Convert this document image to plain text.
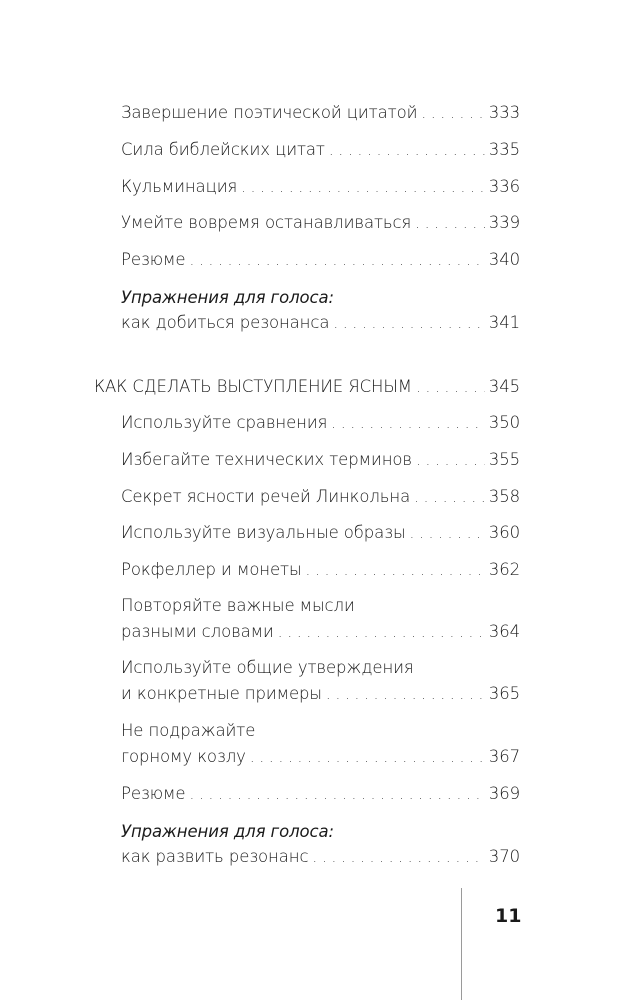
Завершение поэтической цитатой . . .	333
Сила библейских цитат . . .	335
Кульминация . . .	336
Умейте вовремя останавливаться . . .	339
Резюме . . .	340
Упражнения для голоса:
как добиться резонанса . . .	341
КАК СДЕЛАТЬ ВЫСТУПЛЕНИЕ ЯСНЫМ . . .	345
Используйте сравнения . . .	350
Избегайте технических терминов . . .	355
Секрет ясности речей Линкольна . . .	358
Используйте визуальные образы . . .	360
Рокфеллер и монеты . . .	362
Повторяйте важные мысли
разными словами . . .	364
Используйте общие утверждения
и конкретные примеры . . .	365
Не подражайте
горному козлу . . .	367
Резюме . . .	369
Упражнения для голоса:
как развить резонанс . . .	370
11
